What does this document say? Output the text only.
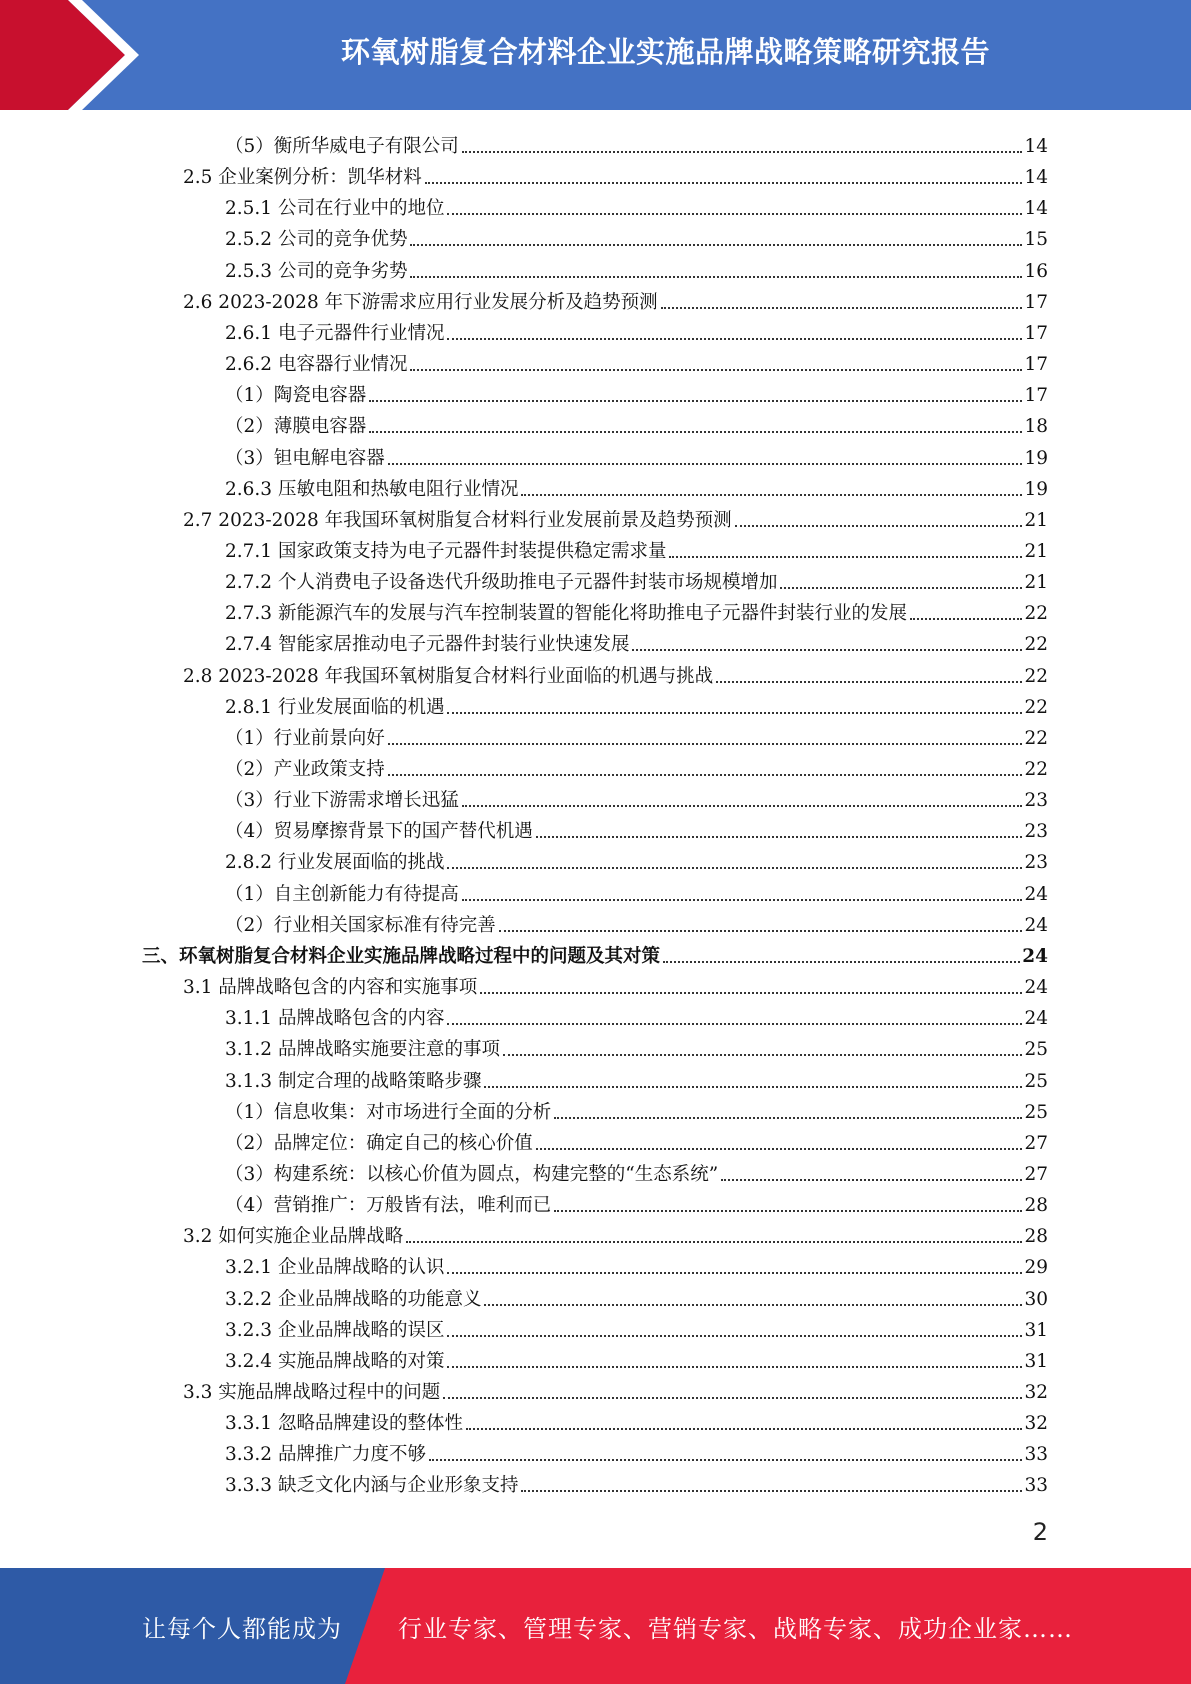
环氧树脂复合材料企业实施品牌战略策略研究报告
（5）衡所华威电子有限公司	14
2.5 企业案例分析：凯华材料	14
2.5.1 公司在行业中的地位	14
2.5.2 公司的竞争优势	15
2.5.3 公司的竞争劣势	16
2.6 2023-2028 年下游需求应用行业发展分析及趋势预测	17
2.6.1 电子元器件行业情况	17
2.6.2 电容器行业情况	17
（1）陶瓷电容器	17
（2）薄膜电容器	18
（3）钽电解电容器	19
2.6.3 压敏电阻和热敏电阻行业情况	19
2.7 2023-2028 年我国环氧树脂复合材料行业发展前景及趋势预测	21
2.7.1 国家政策支持为电子元器件封装提供稳定需求量	21
2.7.2 个人消费电子设备迭代升级助推电子元器件封装市场规模增加	21
2.7.3 新能源汽车的发展与汽车控制装置的智能化将助推电子元器件封装行业的发展	22
2.7.4 智能家居推动电子元器件封装行业快速发展	22
2.8 2023-2028 年我国环氧树脂复合材料行业面临的机遇与挑战	22
2.8.1 行业发展面临的机遇	22
（1）行业前景向好	22
（2）产业政策支持	22
（3）行业下游需求增长迅猛	23
（4）贸易摩擦背景下的国产替代机遇	23
2.8.2 行业发展面临的挑战	23
（1）自主创新能力有待提高	24
（2）行业相关国家标准有待完善	24
三、环氧树脂复合材料企业实施品牌战略过程中的问题及其对策	24
3.1 品牌战略包含的内容和实施事项	24
3.1.1 品牌战略包含的内容	24
3.1.2 品牌战略实施要注意的事项	25
3.1.3 制定合理的战略策略步骤	25
（1）信息收集：对市场进行全面的分析	25
（2）品牌定位：确定自己的核心价值	27
（3）构建系统：以核心价值为圆点，构建完整的“生态系统”	27
（4）营销推广：万般皆有法，唯利而已	28
3.2 如何实施企业品牌战略	28
3.2.1 企业品牌战略的认识	29
3.2.2 企业品牌战略的功能意义	30
3.2.3 企业品牌战略的误区	31
3.2.4 实施品牌战略的对策	31
3.3 实施品牌战略过程中的问题	32
3.3.1 忽略品牌建设的整体性	32
3.3.2 品牌推广力度不够	33
3.3.3 缺乏文化内涵与企业形象支持	33
2
让每个人都能成为 行业专家、管理专家、营销专家、战略专家、成功企业家……
